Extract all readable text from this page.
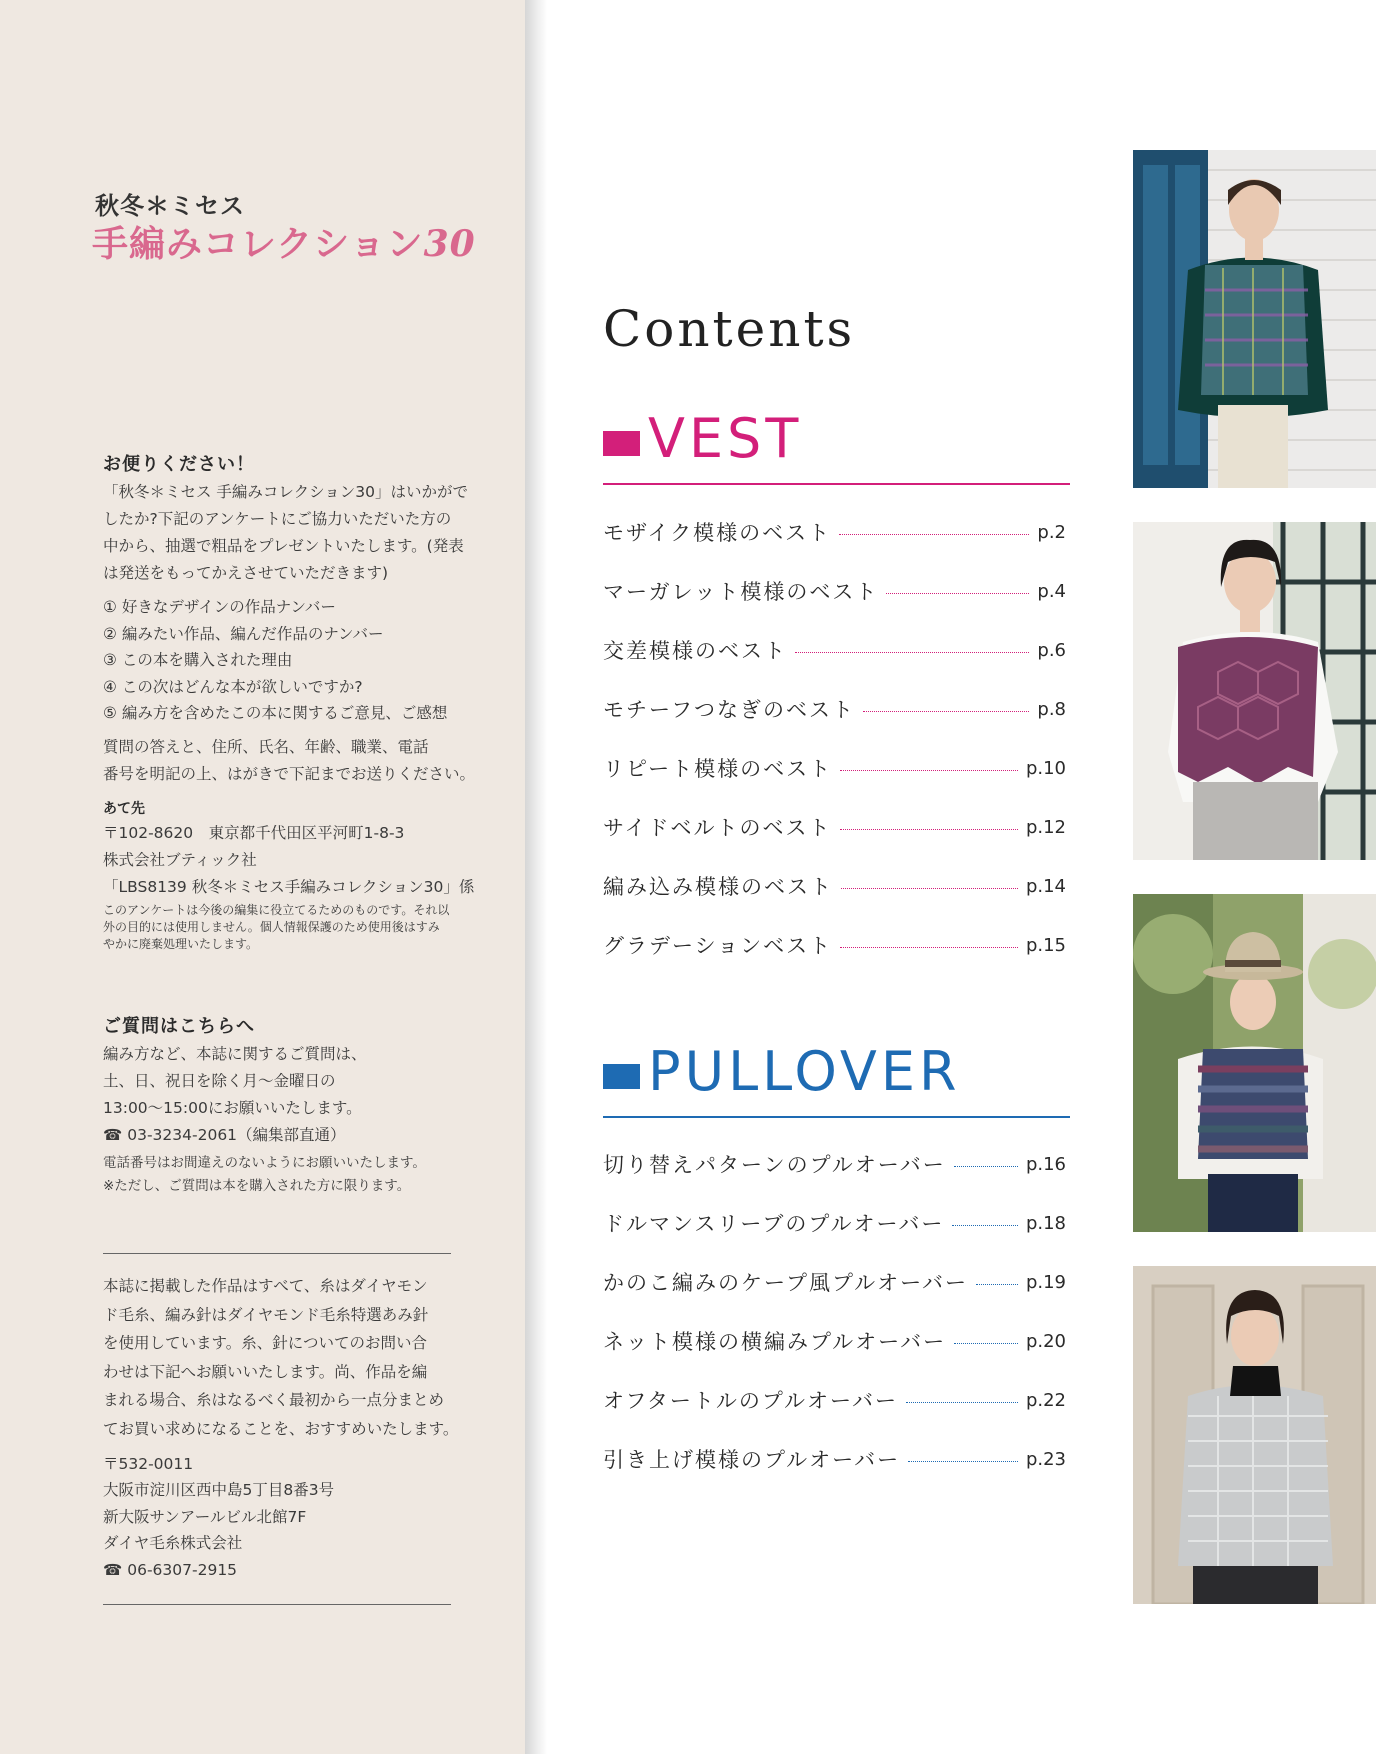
秋冬＊ミセス
手編みコレクション30
お便りください！
「秋冬＊ミセス 手編みコレクション30」はいかがで
したか?下記のアンケートにご協力いただいた方の
中から、抽選で粗品をプレゼントいたします。(発表
は発送をもってかえさせていただきます)
① 好きなデザインの作品ナンバー
② 編みたい作品、編んだ作品のナンバー
③ この本を購入された理由
④ この次はどんな本が欲しいですか?
⑤ 編み方を含めたこの本に関するご意見、ご感想
質問の答えと、住所、氏名、年齢、職業、電話
番号を明記の上、はがきで下記までお送りください。
あて先
〒102-8620　東京都千代田区平河町1-8-3
株式会社ブティック社
「LBS8139 秋冬＊ミセス手編みコレクション30」係
このアンケートは今後の編集に役立てるためのものです。それ以
外の目的には使用しません。個人情報保護のため使用後はすみ
やかに廃棄処理いたします。
ご質問はこちらへ
編み方など、本誌に関するご質問は、
土、日、祝日を除く月～金曜日の
13:00～15:00にお願いいたします。
☎ 03-3234-2061（編集部直通）
電話番号はお間違えのないようにお願いいたします。
※ただし、ご質問は本を購入された方に限ります。
本誌に掲載した作品はすべて、糸はダイヤモン
ド毛糸、編み針はダイヤモンド毛糸特選あみ針
を使用しています。糸、針についてのお問い合
わせは下記へお願いいたします。尚、作品を編
まれる場合、糸はなるべく最初から一点分まとめ
てお買い求めになることを、おすすめいたします。
〒532-0011
大阪市淀川区西中島5丁目8番3号
新大阪サンアールビル北館7F
ダイヤ毛糸株式会社
☎ 06-6307-2915
Contents
VEST
モザイク模様のベスト	p.2
マーガレット模様のベスト	p.4
交差模様のベスト	p.6
モチーフつなぎのベスト	p.8
リピート模様のベスト	p.10
サイドベルトのベスト	p.12
編み込み模様のベスト	p.14
グラデーションベスト	p.15
PULLOVER
切り替えパターンのプルオーバー	p.16
ドルマンスリーブのプルオーバー	p.18
かのこ編みのケープ風プルオーバー	p.19
ネット模様の横編みプルオーバー	p.20
オフタートルのプルオーバー	p.22
引き上げ模様のプルオーバー	p.23
